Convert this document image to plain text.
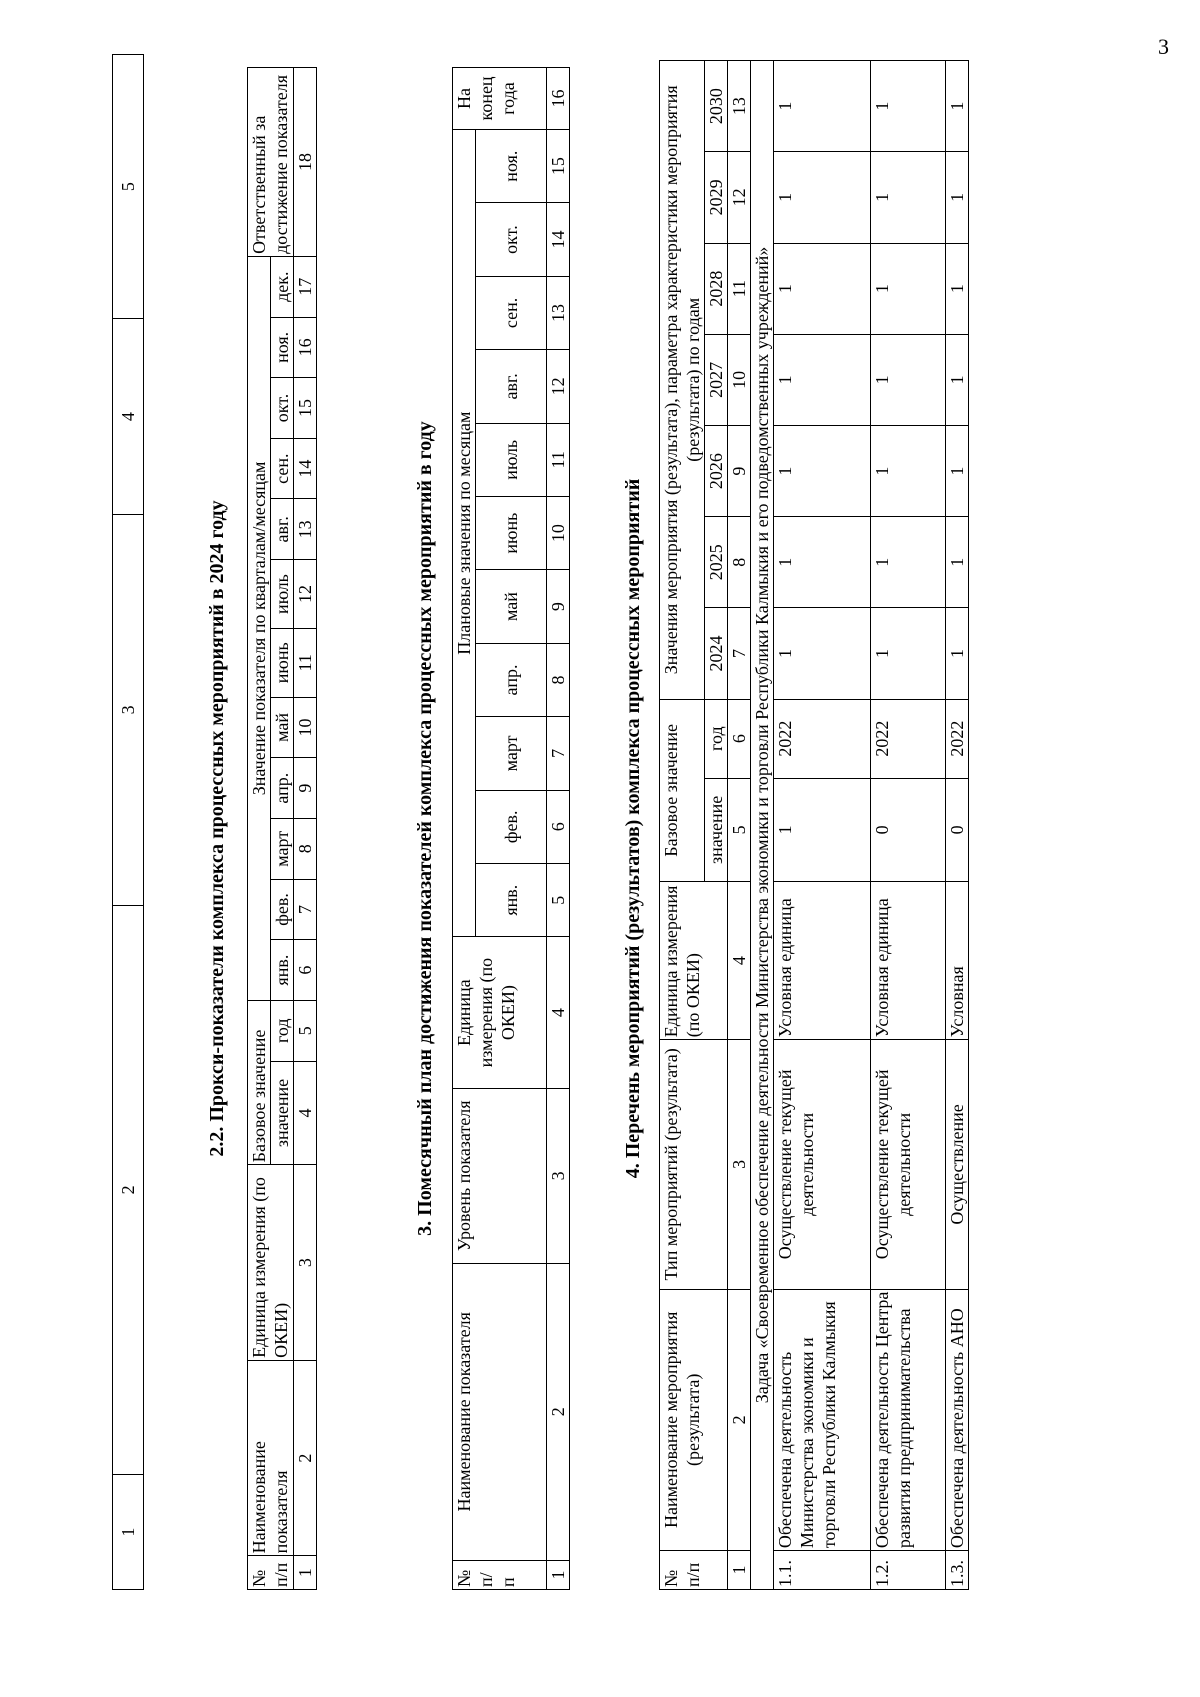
3
1	2	3	4	5
2.2. Прокси-показатели комплекса процессных мероприятий в 2024 году
№ п/п	Наименование показателя	Единица измерения (по ОКЕИ)	Базовое значение		Значение показателя по кварталам/месяцам												Ответственный за достижение показателя
			значение	год	янв.	фев.	март	апр.	май	июнь	июль	авг.	сен.	окт.	ноя.	дек.	
1	2	3	4	5	6	7	8	9	10	11	12	13	14	15	16	17	18
3. Помесячный план достижения показателей комплекса процессных мероприятий в году
№ п/п	Наименование показателя	Уровень показателя	Единица измерения (по ОКЕИ)	Плановые значения по месяцам											На конец года
				янв.	фев.	март	апр.	май	июнь	июль	авг.	сен.	окт.	ноя.	
1	2	3	4	5	6	7	8	9	10	11	12	13	14	15	16
4. Перечень мероприятий (результатов) комплекса процессных мероприятий
№ п/п	Наименование мероприятия (результата)	Тип мероприятий (результата)	Единица измерения (по ОКЕИ)	Базовое значение		Значения мероприятия (результата), параметра характеристики мероприятия (результата) по годам						
				значение	год	2024	2025	2026	2027	2028	2029	2030
1	2	3	4	5	6	7	8	9	10	11	12	13
Задача «Своевременное обеспечение деятельности Министерства экономики и торговли Республики Калмыкия и его подведомственных учреждений»												
1.1.	Обеспечена деятельность Министерства экономики и торговли Республики Калмыкия	Осуществление текущей деятельности	Условная единица	1	2022	1	1	1	1	1	1	1
1.2.	Обеспечена деятельность Центра развития предпринимательства	Осуществление текущей деятельности	Условная единица	0	2022	1	1	1	1	1	1	1
1.3.	Обеспечена деятельность АНО	Осуществление	Условная	0	2022	1	1	1	1	1	1	1
